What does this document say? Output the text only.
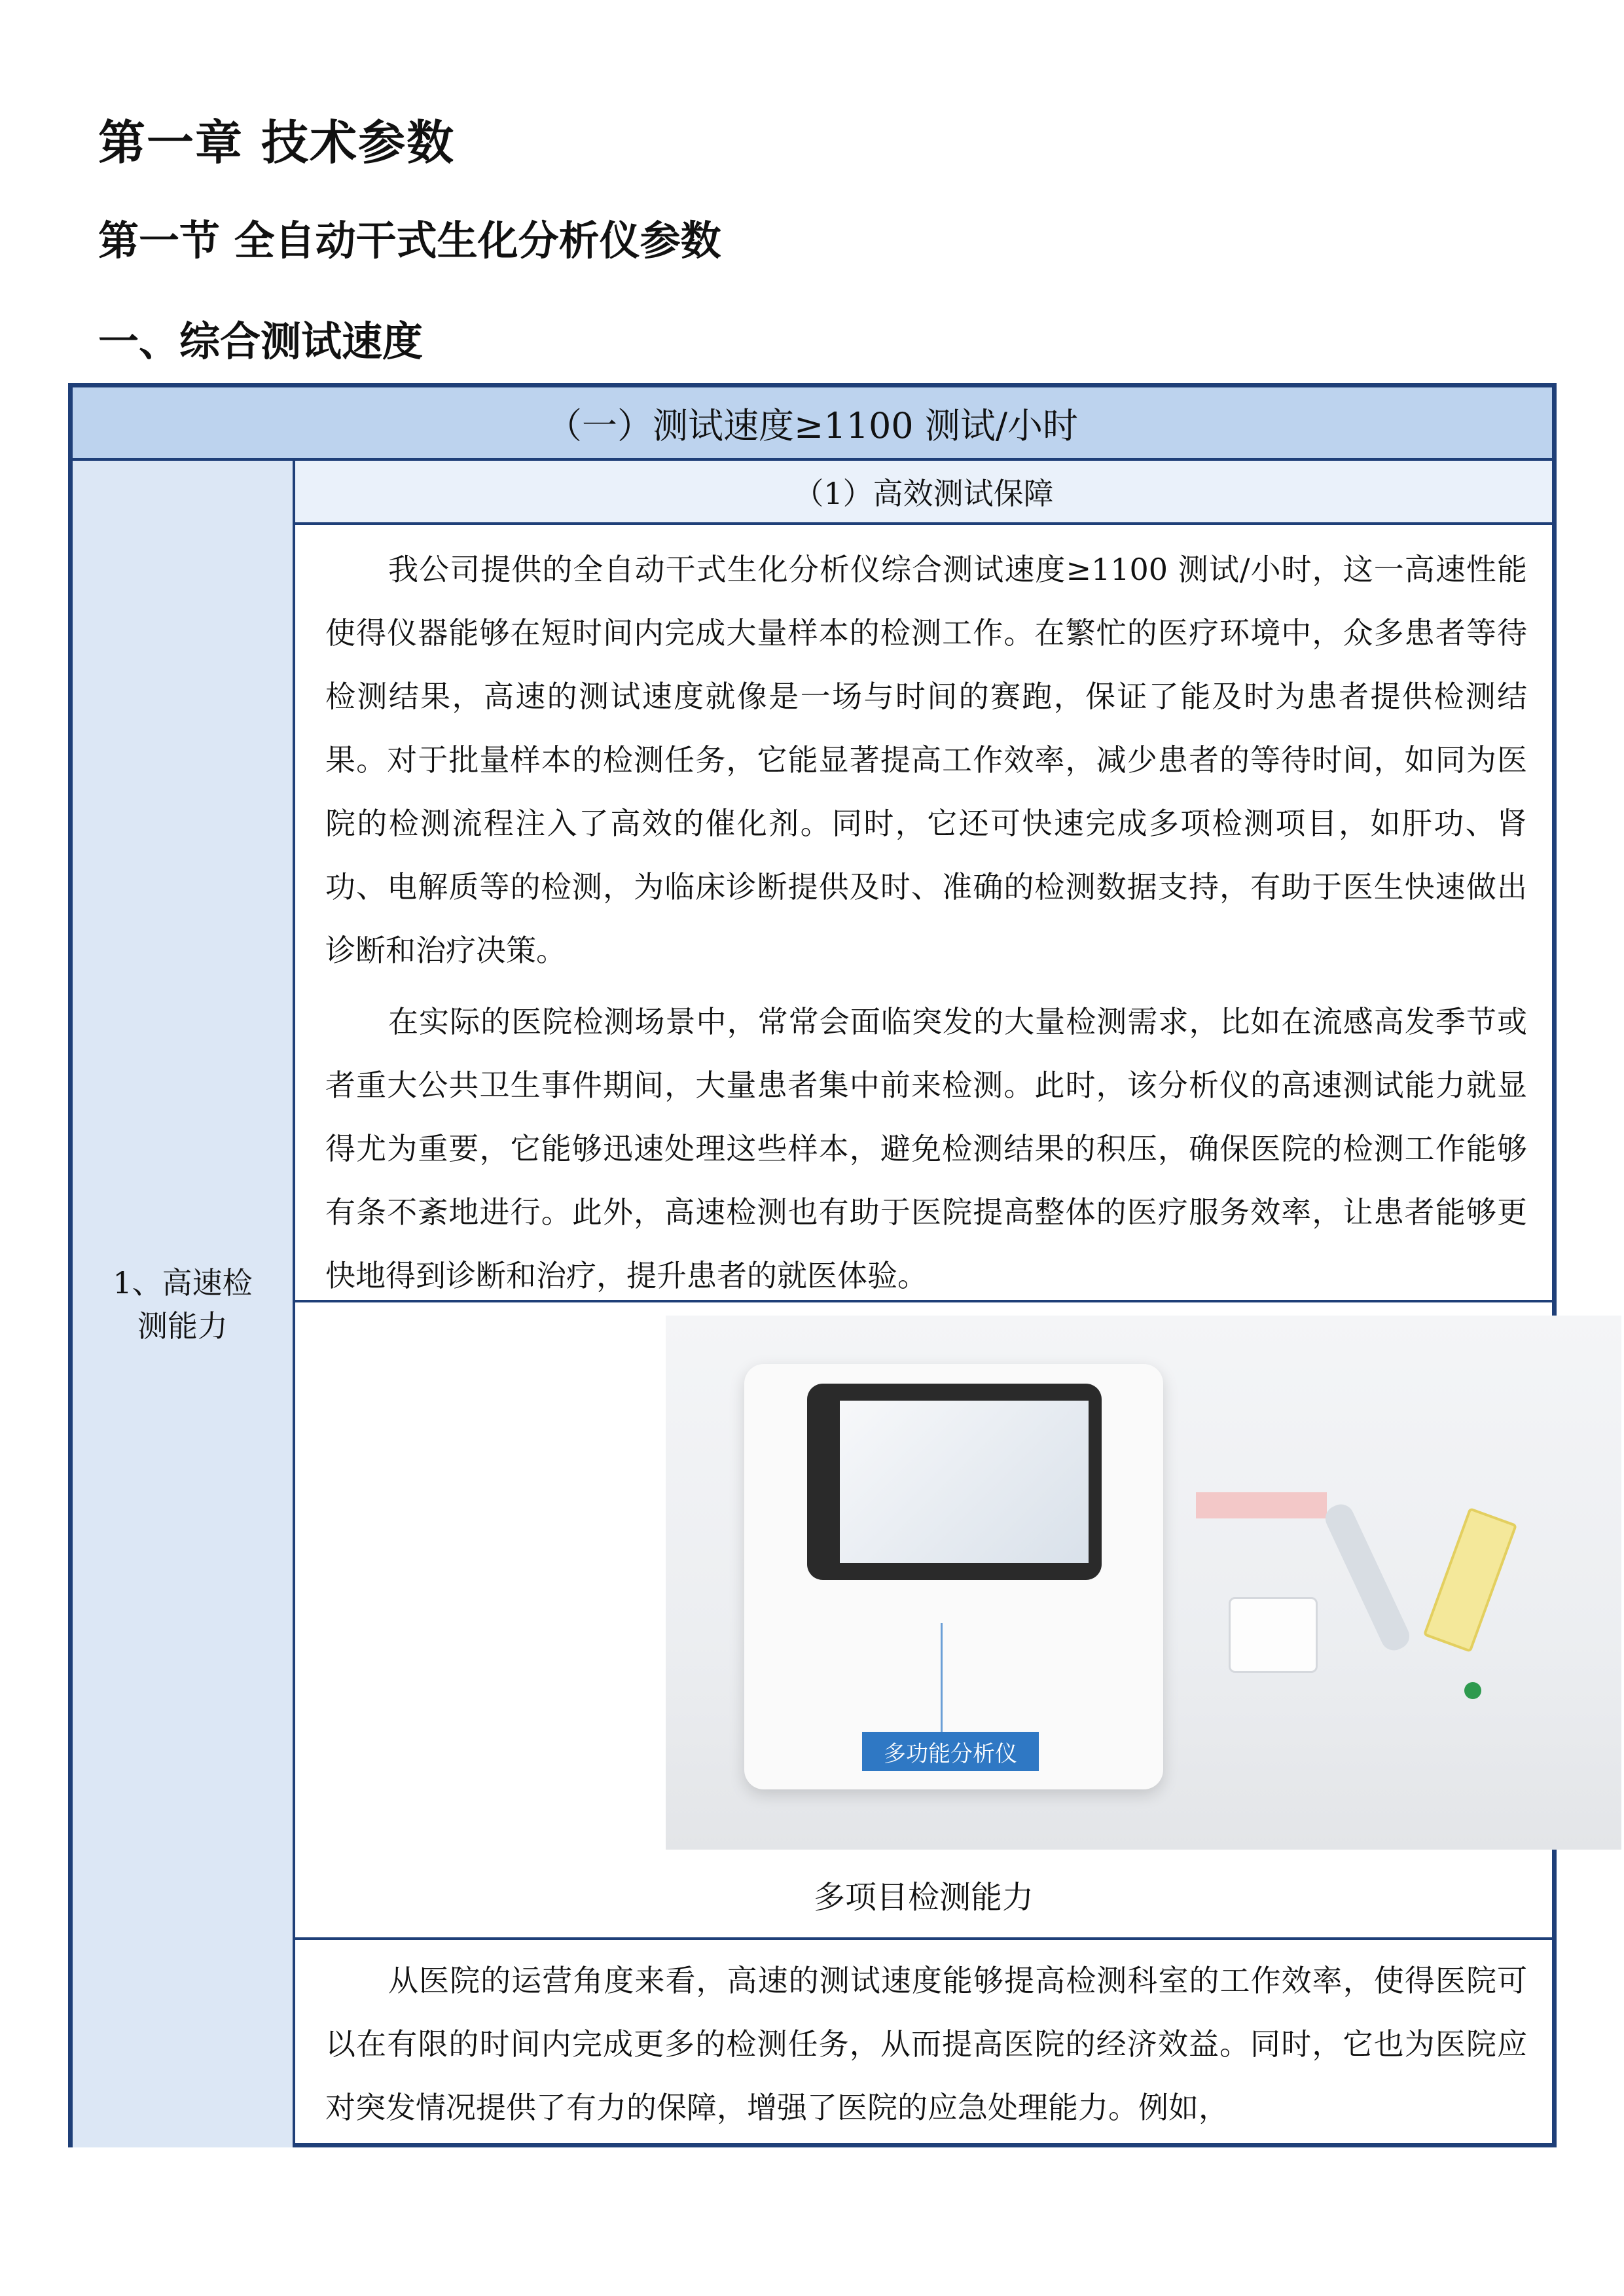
第一章 技术参数
第一节 全自动干式生化分析仪参数
一、综合测试速度
（一）测试速度≥1100 测试/小时
1、高速检测能力
（1）高效测试保障

我公司提供的全自动干式生化分析仪综合测试速度≥1100 测试/小时，这一高速性能使得仪器能够在短时间内完成大量样本的检测工作。在繁忙的医疗环境中，众多患者等待检测结果，高速的测试速度就像是一场与时间的赛跑，保证了能及时为患者提供检测结果。对于批量样本的检测任务，它能显著提高工作效率，减少患者的等待时间，如同为医院的检测流程注入了高效的催化剂。同时，它还可快速完成多项检测项目，如肝功、肾功、电解质等的检测，为临床诊断提供及时、准确的检测数据支持，有助于医生快速做出诊断和治疗决策。

在实际的医院检测场景中，常常会面临突发的大量检测需求，比如在流感高发季节或者重大公共卫生事件期间，大量患者集中前来检测。此时，该分析仪的高速测试能力就显得尤为重要，它能够迅速处理这些样本，避免检测结果的积压，确保医院的检测工作能够有条不紊地进行。此外，高速检测也有助于医院提高整体的医疗服务效率，让患者能够更快地得到诊断和治疗，提升患者的就医体验。

多功能分析仪
多项目检测能力

从医院的运营角度来看，高速的测试速度能够提高检测科室的工作效率，使得医院可以在有限的时间内完成更多的检测任务，从而提高医院的经济效益。同时，它也为医院应对突发情况提供了有力的保障，增强了医院的应急处理能力。例如，
